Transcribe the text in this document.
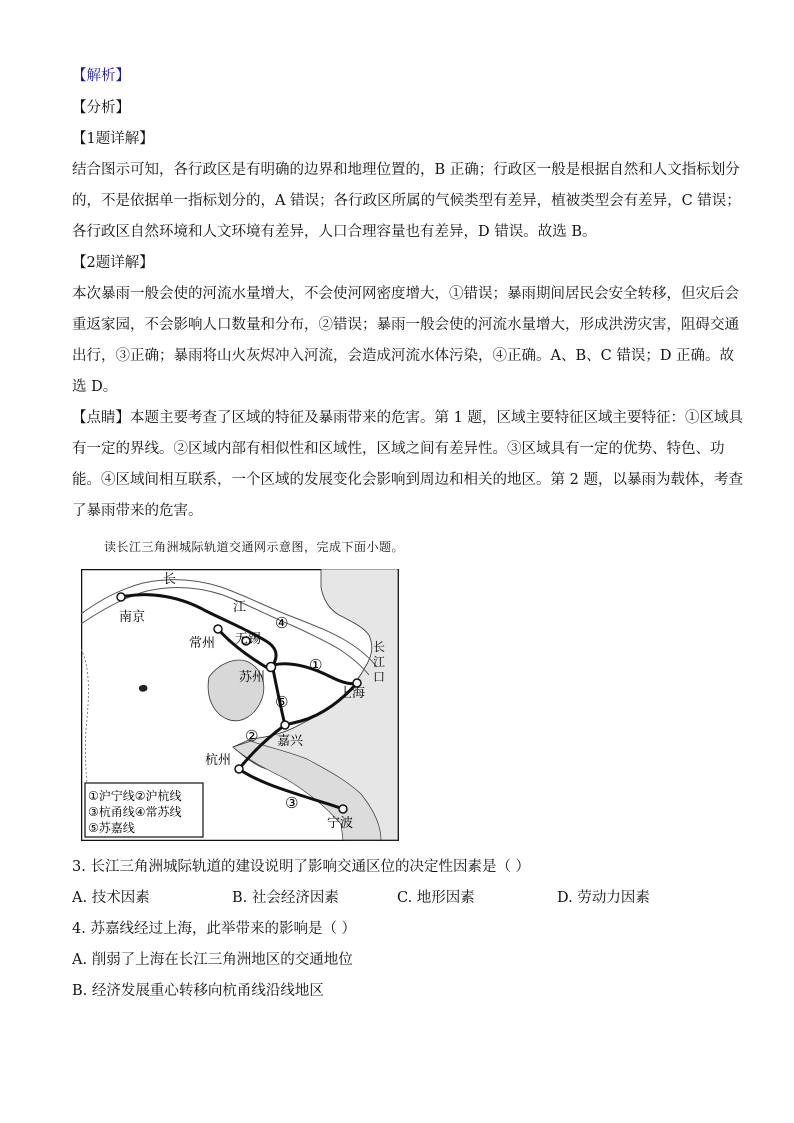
【解析】
【分析】
【1题详解】
结合图示可知，各行政区是有明确的边界和地理位置的，B 正确；行政区一般是根据自然和人文指标划分
的，不是依据单一指标划分的，A 错误；各行政区所属的气候类型有差异，植被类型会有差异，C 错误；
各行政区自然环境和人文环境有差异，人口合理容量也有差异，D 错误。故选 B。
【2题详解】
本次暴雨一般会使的河流水量增大，不会使河网密度增大，①错误；暴雨期间居民会安全转移，但灾后会
重返家园，不会影响人口数量和分布，②错误；暴雨一般会使的河流水量增大，形成洪涝灾害，阻碍交通
出行，③正确；暴雨将山火灰烬冲入河流，会造成河流水体污染，④正确。A、B、C 错误；D 正确。故
选 D。
【点睛】本题主要考查了区域的特征及暴雨带来的危害。第 1 题，区域主要特征区域主要特征：①区域具
有一定的界线。②区域内部有相似性和区域性，区域之间有差异性。③区域具有一定的优势、特色、功
能。④区域间相互联系，一个区域的发展变化会影响到周边和相关的地区。第 2 题，以暴雨为载体，考查
了暴雨带来的危害。
读长江三角洲城际轨道交通网示意图，完成下面小题。
长
江
长
江
口
南京
常州 无锡
苏州
上海
嘉兴
杭州
宁波
①
②
③
④
⑤
①沪宁线②沪杭线
③杭甬线④常苏线
⑤苏嘉线
3. 长江三角洲城际轨道的建设说明了影响交通区位的决定性因素是（ ）
A. 技术因素	B. 社会经济因素	C. 地形因素	D. 劳动力因素
4. 苏嘉线经过上海，此举带来的影响是（ ）
A. 削弱了上海在长江三角洲地区的交通地位
B. 经济发展重心转移向杭甬线沿线地区
